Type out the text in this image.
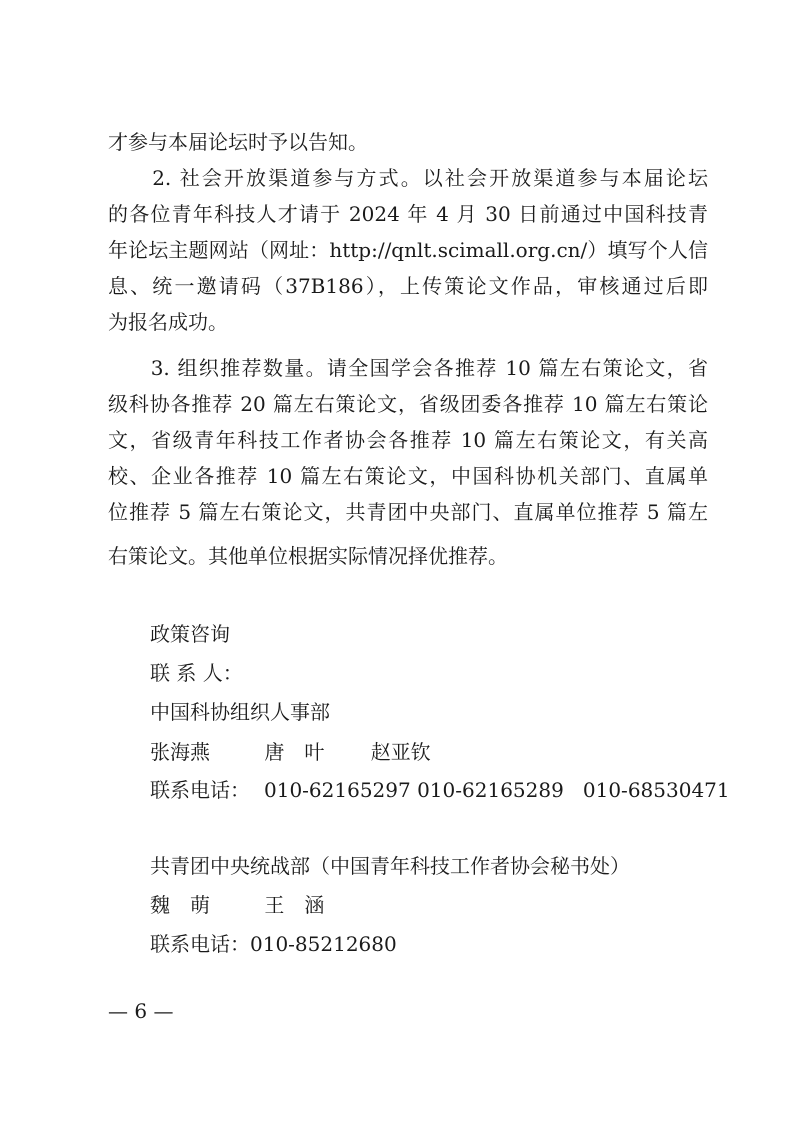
才参与本届论坛时予以告知。
　　2. 社会开放渠道参与方式。以社会开放渠道参与本届论坛
的各位青年科技人才请于 2024 年 4 月 30 日前通过中国科技青
年论坛主题网站（网址：http://qnlt.scimall.org.cn/）填写个人信
息、统一邀请码（37B186），上传策论文作品，审核通过后即
为报名成功。
　　3. 组织推荐数量。请全国学会各推荐 10 篇左右策论文，省
级科协各推荐 20 篇左右策论文，省级团委各推荐 10 篇左右策论
文，省级青年科技工作者协会各推荐 10 篇左右策论文，有关高
校、企业各推荐 10 篇左右策论文，中国科协机关部门、直属单
位推荐 5 篇左右策论文，共青团中央部门、直属单位推荐 5 篇左
右策论文。其他单位根据实际情况择优推荐。
政策咨询
联 系 人：
中国科协组织人事部
张海燕	唐　叶 赵亚钦
联系电话： 010-62165297 010-62165289   010-68530471
共青团中央统战部（中国青年科技工作者协会秘书处）
魏　萌	王　涵
联系电话：010-85212680
— 6 —
